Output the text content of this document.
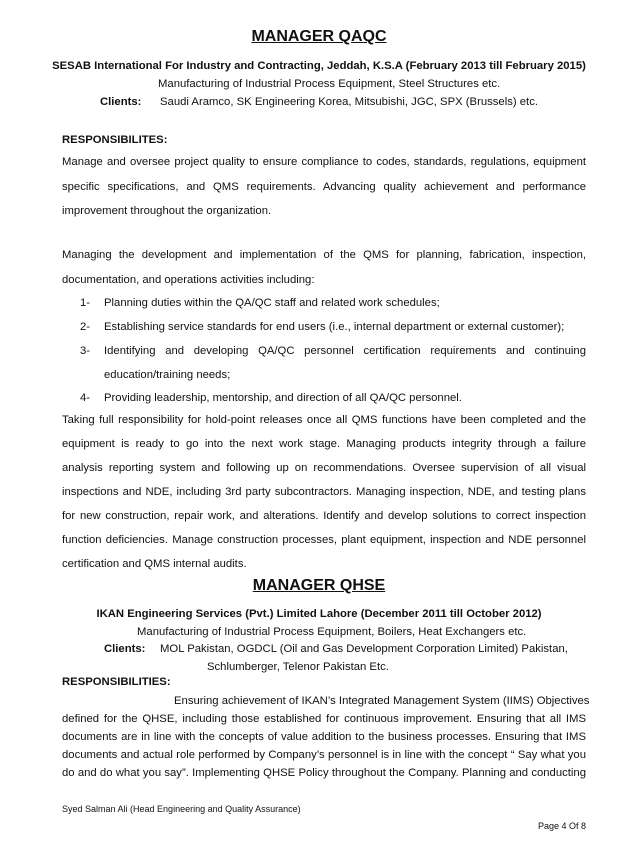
MANAGER QAQC
SESAB International For Industry and Contracting, Jeddah, K.S.A (February 2013 till February 2015)
Manufacturing of Industrial Process Equipment, Steel Structures etc.
Clients: Saudi Aramco, SK Engineering Korea, Mitsubishi, JGC, SPX (Brussels) etc.
RESPONSIBILITES:
Manage and oversee project quality to ensure compliance to codes, standards, regulations, equipment
specific specifications, and QMS requirements. Advancing quality achievement and performance
improvement throughout the organization.
Managing the development and implementation of the QMS for planning, fabrication, inspection,
documentation, and operations activities including:
1- Planning duties within the QA/QC staff and related work schedules;
2- Establishing service standards for end users (i.e., internal department or external customer);
3- Identifying and developing QA/QC personnel certification requirements and continuing
education/training needs;
4- Providing leadership, mentorship, and direction of all QA/QC personnel.
Taking full responsibility for hold-point releases once all QMS functions have been completed and the
equipment is ready to go into the next work stage. Managing products integrity through a failure
analysis reporting system and following up on recommendations. Oversee supervision of all visual
inspections and NDE, including 3rd party subcontractors. Managing inspection, NDE, and testing plans
for new construction, repair work, and alterations. Identify and develop solutions to correct inspection
function deficiencies. Manage construction processes, plant equipment, inspection and NDE personnel
certification and QMS internal audits.
MANAGER QHSE
IKAN Engineering Services (Pvt.) Limited Lahore (December 2011 till October 2012)
Manufacturing of Industrial Process Equipment, Boilers, Heat Exchangers etc.
Clients: MOL Pakistan, OGDCL (Oil and Gas Development Corporation Limited) Pakistan,
Schlumberger, Telenor Pakistan Etc.
RESPONSIBILITIES:
Ensuring achievement of IKAN’s Integrated Management System (IIMS) Objectives
defined for the QHSE, including those established for continuous improvement. Ensuring that all IMS
documents are in line with the concepts of value addition to the business processes. Ensuring that IMS
documents and actual role performed by Company’s personnel is in line with the concept “ Say what you
do and do what you say”. Implementing QHSE Policy throughout the Company. Planning and conducting
Syed Salman Ali (Head Engineering and Quality Assurance)
Page 4 Of 8
